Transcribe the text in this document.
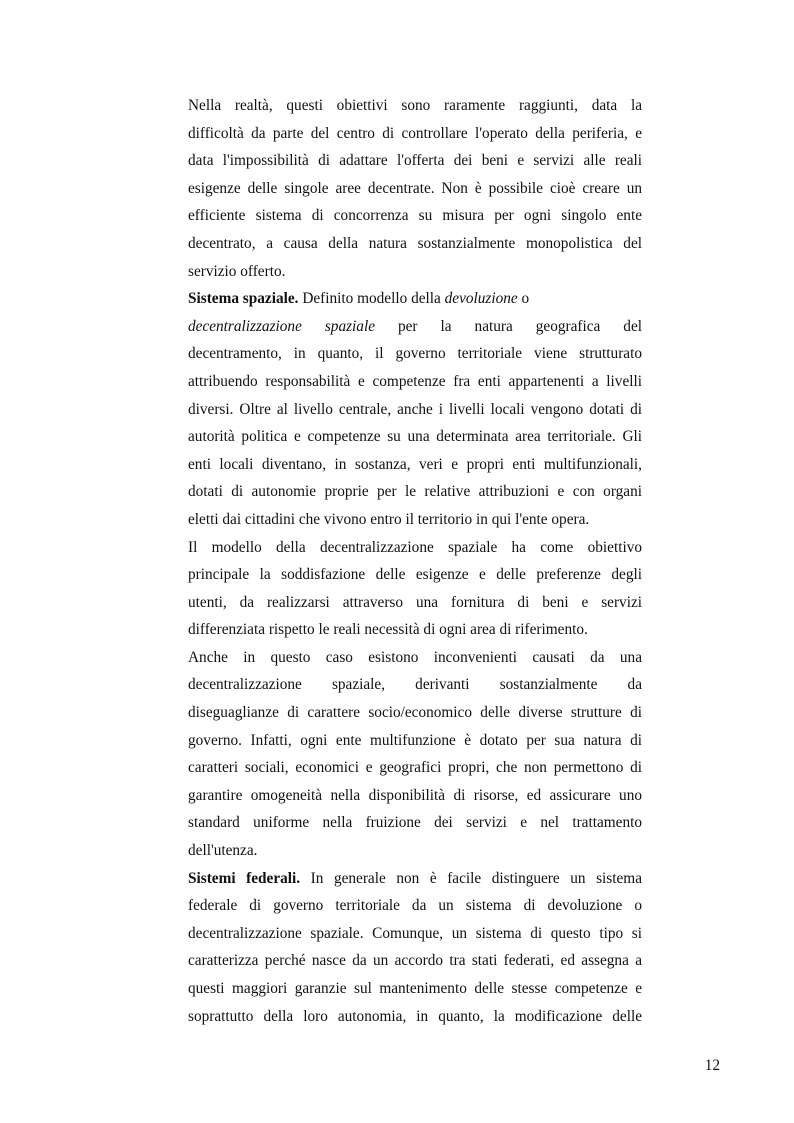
Nella realtà, questi obiettivi sono raramente raggiunti, data la
difficoltà da parte del centro di controllare l'operato della periferia, e
data l'impossibilità di adattare l'offerta dei beni e servizi alle reali
esigenze delle singole aree decentrate. Non è possibile cioè creare un
efficiente sistema di concorrenza su misura per ogni singolo ente
decentrato, a causa della natura sostanzialmente monopolistica del
servizio offerto.
Sistema spaziale. Definito modello della devoluzione o
decentralizzazione spaziale per la natura geografica del
decentramento, in quanto, il governo territoriale viene strutturato
attribuendo responsabilità e competenze fra enti appartenenti a livelli
diversi. Oltre al livello centrale, anche i livelli locali vengono dotati di
autorità politica e competenze su una determinata area territoriale. Gli
enti locali diventano, in sostanza, veri e propri enti multifunzionali,
dotati di autonomie proprie per le relative attribuzioni e con organi
eletti dai cittadini che vivono entro il territorio in qui l'ente opera.
Il modello della decentralizzazione spaziale ha come obiettivo
principale la soddisfazione delle esigenze e delle preferenze degli
utenti, da realizzarsi attraverso una fornitura di beni e servizi
differenziata rispetto le reali necessità di ogni area di riferimento.
Anche in questo caso esistono inconvenienti causati da una
decentralizzazione spaziale, derivanti sostanzialmente da
diseguaglianze di carattere socio/economico delle diverse strutture di
governo. Infatti, ogni ente multifunzione è dotato per sua natura di
caratteri sociali, economici e geografici propri, che non permettono di
garantire omogeneità nella disponibilità di risorse, ed assicurare uno
standard uniforme nella fruizione dei servizi e nel trattamento
dell'utenza.
Sistemi federali. In generale non è facile distinguere un sistema
federale di governo territoriale da un sistema di devoluzione o
decentralizzazione spaziale. Comunque, un sistema di questo tipo si
caratterizza perché nasce da un accordo tra stati federati, ed assegna a
questi maggiori garanzie sul mantenimento delle stesse competenze e
soprattutto della loro autonomia, in quanto, la modificazione delle
12
